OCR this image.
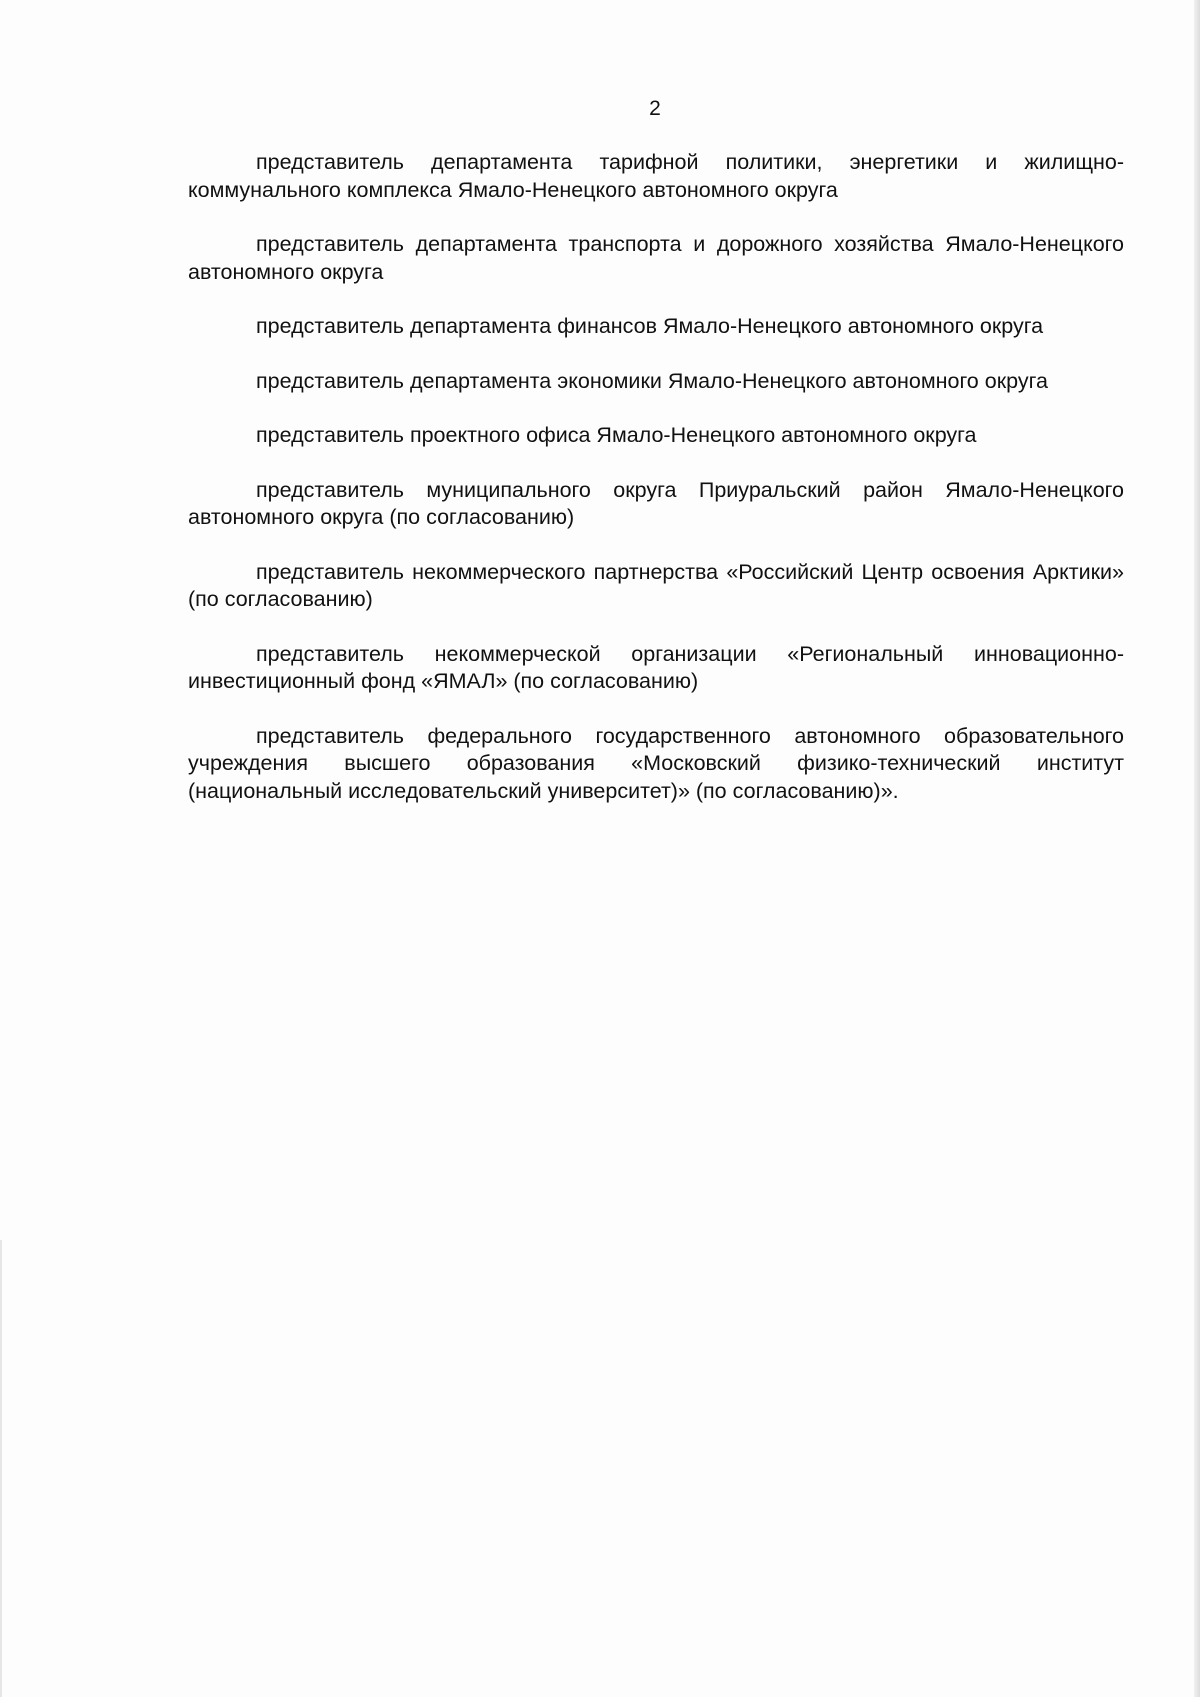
2

представитель департамента тарифной политики, энергетики и жилищно-коммунального комплекса Ямало-Ненецкого автономного округа

представитель департамента транспорта и дорожного хозяйства Ямало-Ненецкого автономного округа

представитель департамента финансов Ямало-Ненецкого автономного округа

представитель департамента экономики Ямало-Ненецкого автономного округа

представитель проектного офиса Ямало-Ненецкого автономного округа

представитель муниципального округа Приуральский район Ямало-Ненецкого автономного округа (по согласованию)

представитель некоммерческого партнерства «Российский Центр освоения Арктики» (по согласованию)

представитель некоммерческой организации «Региональный инновационно-инвестиционный фонд «ЯМАЛ» (по согласованию)

представитель федерального государственного автономного образовательного учреждения высшего образования «Московский физико-технический институт (национальный исследовательский университет)» (по согласованию)».
